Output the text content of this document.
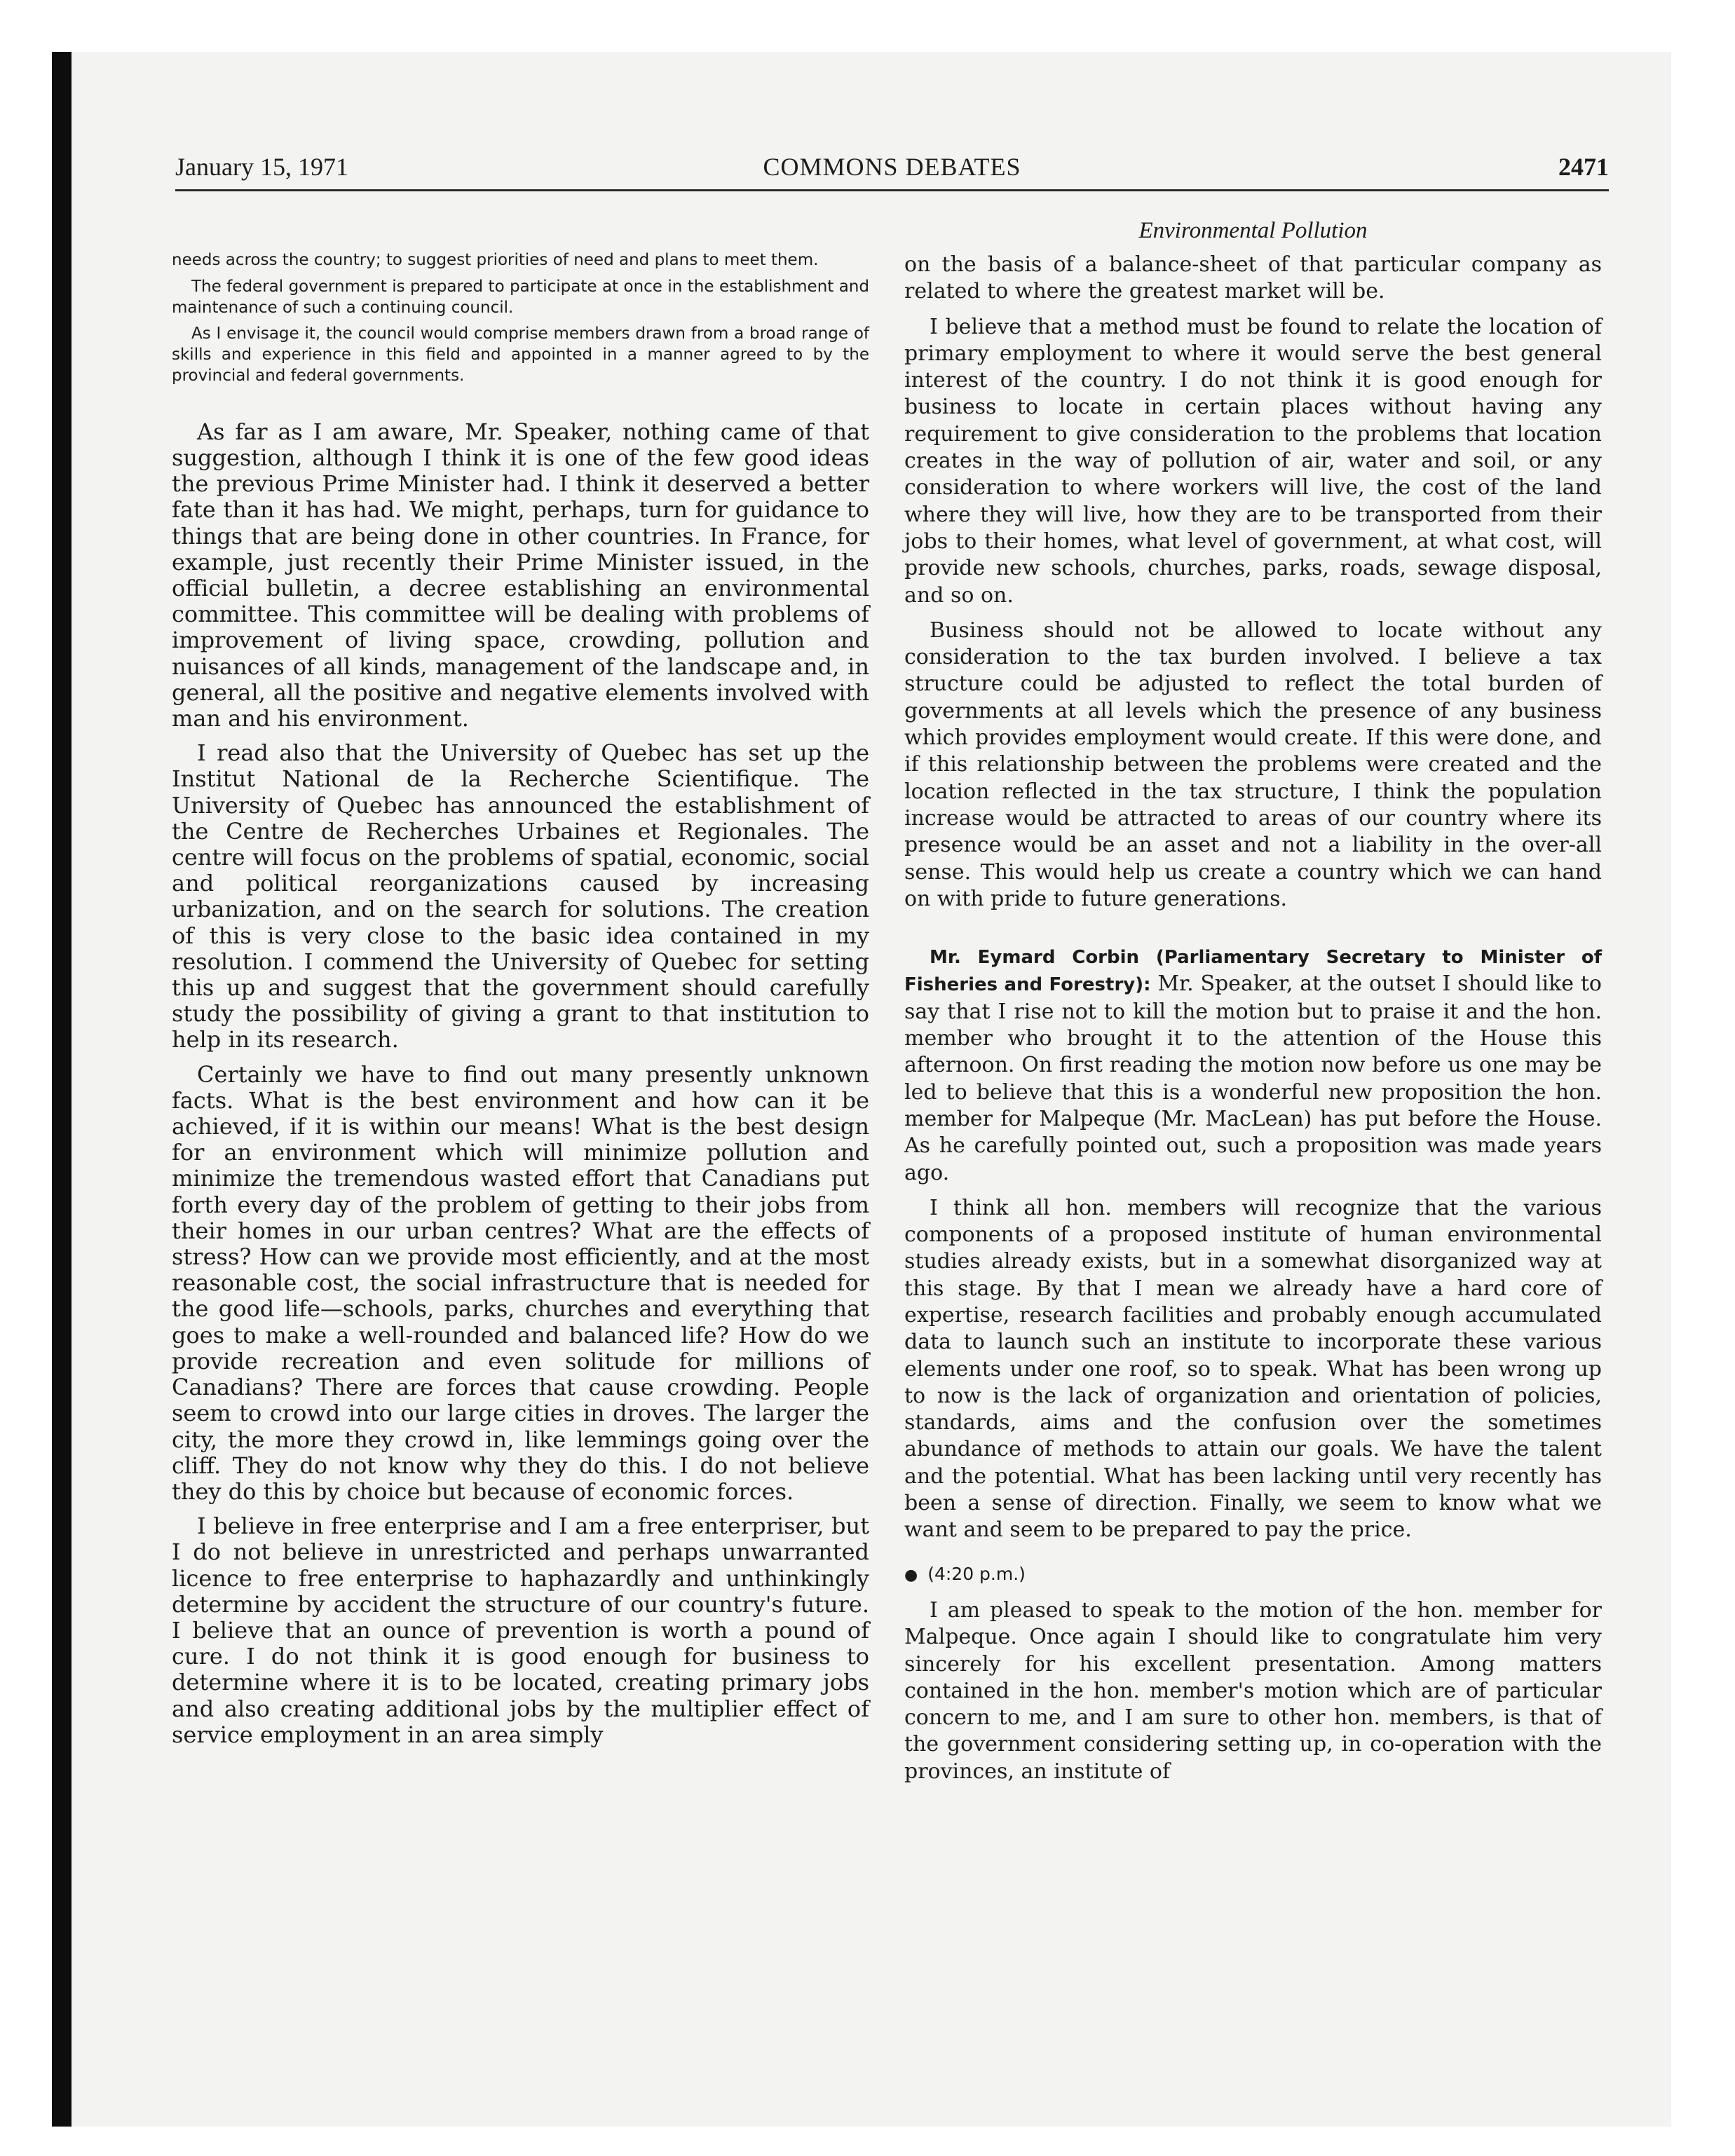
January 15, 1971	COMMONS DEBATES	2471

needs across the country; to suggest priorities of need and plans to meet them.

The federal government is prepared to participate at once in the establishment and maintenance of such a continuing council.

As I envisage it, the council would comprise members drawn from a broad range of skills and experience in this field and appointed in a manner agreed to by the provincial and federal governments.

As far as I am aware, Mr. Speaker, nothing came of that suggestion, although I think it is one of the few good ideas the previous Prime Minister had. I think it deserved a better fate than it has had. We might, perhaps, turn for guidance to things that are being done in other countries. In France, for example, just recently their Prime Minister issued, in the official bulletin, a decree establishing an environmental committee. This committee will be dealing with problems of improvement of living space, crowding, pollution and nuisances of all kinds, management of the landscape and, in general, all the positive and negative elements involved with man and his environment.

I read also that the University of Quebec has set up the Institut National de la Recherche Scientifique. The University of Quebec has announced the establishment of the Centre de Recherches Urbaines et Regionales. The centre will focus on the problems of spatial, economic, social and political reorganizations caused by increasing urbanization, and on the search for solutions. The creation of this is very close to the basic idea contained in my resolution. I commend the University of Quebec for setting this up and suggest that the government should carefully study the possibility of giving a grant to that institution to help in its research.

Certainly we have to find out many presently unknown facts. What is the best environment and how can it be achieved, if it is within our means! What is the best design for an environment which will minimize pollution and minimize the tremendous wasted effort that Canadians put forth every day of the problem of getting to their jobs from their homes in our urban centres? What are the effects of stress? How can we provide most efficiently, and at the most reasonable cost, the social infrastructure that is needed for the good life—schools, parks, churches and everything that goes to make a well-rounded and balanced life? How do we provide recreation and even solitude for millions of Canadians? There are forces that cause crowding. People seem to crowd into our large cities in droves. The larger the city, the more they crowd in, like lemmings going over the cliff. They do not know why they do this. I do not believe they do this by choice but because of economic forces.

I believe in free enterprise and I am a free enterpriser, but I do not believe in unrestricted and perhaps unwarranted licence to free enterprise to haphazardly and unthinkingly determine by accident the structure of our country's future. I believe that an ounce of prevention is worth a pound of cure. I do not think it is good enough for business to determine where it is to be located, creating primary jobs and also creating additional jobs by the multiplier effect of service employment in an area simply

Environmental Pollution

on the basis of a balance-sheet of that particular company as related to where the greatest market will be.

I believe that a method must be found to relate the location of primary employment to where it would serve the best general interest of the country. I do not think it is good enough for business to locate in certain places without having any requirement to give consideration to the problems that location creates in the way of pollution of air, water and soil, or any consideration to where workers will live, the cost of the land where they will live, how they are to be transported from their jobs to their homes, what level of government, at what cost, will provide new schools, churches, parks, roads, sewage disposal, and so on.

Business should not be allowed to locate without any consideration to the tax burden involved. I believe a tax structure could be adjusted to reflect the total burden of governments at all levels which the presence of any business which provides employment would create. If this were done, and if this relationship between the problems were created and the location reflected in the tax structure, I think the population increase would be attracted to areas of our country where its presence would be an asset and not a liability in the over-all sense. This would help us create a country which we can hand on with pride to future generations.

Mr. Eymard Corbin (Parliamentary Secretary to Minister of Fisheries and Forestry): Mr. Speaker, at the outset I should like to say that I rise not to kill the motion but to praise it and the hon. member who brought it to the attention of the House this afternoon. On first reading the motion now before us one may be led to believe that this is a wonderful new proposition the hon. member for Malpeque (Mr. MacLean) has put before the House. As he carefully pointed out, such a proposition was made years ago.

I think all hon. members will recognize that the various components of a proposed institute of human environmental studies already exists, but in a somewhat disorganized way at this stage. By that I mean we already have a hard core of expertise, research facilities and probably enough accumulated data to launch such an institute to incorporate these various elements under one roof, so to speak. What has been wrong up to now is the lack of organization and orientation of policies, standards, aims and the confusion over the sometimes abundance of methods to attain our goals. We have the talent and the potential. What has been lacking until very recently has been a sense of direction. Finally, we seem to know what we want and seem to be prepared to pay the price.

● (4:20 p.m.)

I am pleased to speak to the motion of the hon. member for Malpeque. Once again I should like to congratulate him very sincerely for his excellent presentation. Among matters contained in the hon. member's motion which are of particular concern to me, and I am sure to other hon. members, is that of the government considering setting up, in co-operation with the provinces, an institute of
